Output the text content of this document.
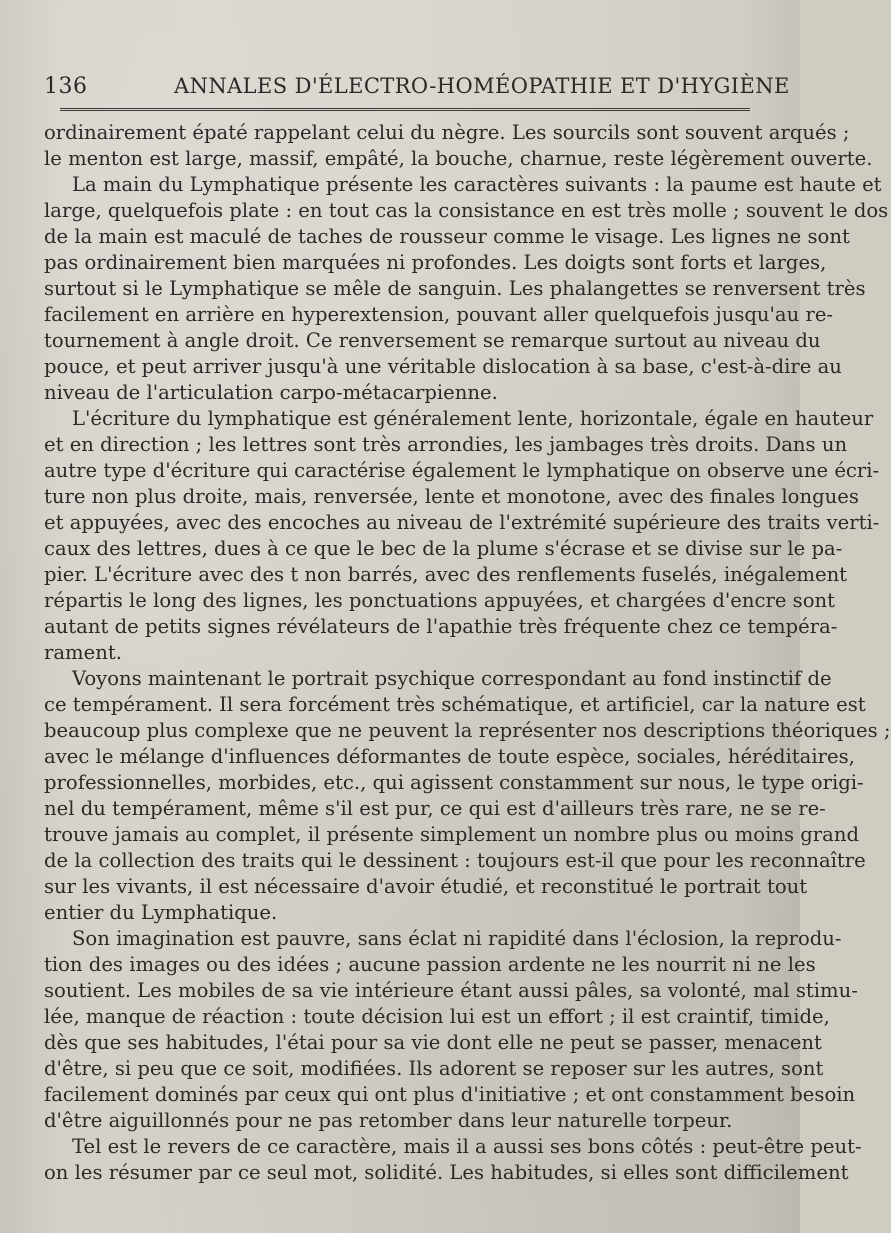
136	ANNALES D'ÉLECTRO-HOMÉOPATHIE ET D'HYGIÈNE
ordinairement épaté rappelant celui du nègre. Les sourcils sont souvent arqués ;
le menton est large, massif, empâté, la bouche, charnue, reste légèrement ouverte.
La main du Lymphatique présente les caractères suivants : la paume est haute et
large, quelquefois plate : en tout cas la consistance en est très molle ; souvent le dos
de la main est maculé de taches de rousseur comme le visage. Les lignes ne sont
pas ordinairement bien marquées ni profondes. Les doigts sont forts et larges,
surtout si le Lymphatique se mêle de sanguin. Les phalangettes se renversent très
facilement en arrière en hyperextension, pouvant aller quelquefois jusqu'au re-
tournement à angle droit. Ce renversement se remarque surtout au niveau du
pouce, et peut arriver jusqu'à une véritable dislocation à sa base, c'est-à-dire au
niveau de l'articulation carpo-métacarpienne.
L'écriture du lymphatique est généralement lente, horizontale, égale en hauteur
et en direction ; les lettres sont très arrondies, les jambages très droits. Dans un
autre type d'écriture qui caractérise également le lymphatique on observe une écri-
ture non plus droite, mais, renversée, lente et monotone, avec des finales longues
et appuyées, avec des encoches au niveau de l'extrémité supérieure des traits verti-
caux des lettres, dues à ce que le bec de la plume s'écrase et se divise sur le pa-
pier. L'écriture avec des t non barrés, avec des renflements fuselés, inégalement
répartis le long des lignes, les ponctuations appuyées, et chargées d'encre sont
autant de petits signes révélateurs de l'apathie très fréquente chez ce tempéra-
rament.
Voyons maintenant le portrait psychique correspondant au fond instinctif de
ce tempérament. Il sera forcément très schématique, et artificiel, car la nature est
beaucoup plus complexe que ne peuvent la représenter nos descriptions théoriques ;
avec le mélange d'influences déformantes de toute espèce, sociales, héréditaires,
professionnelles, morbides, etc., qui agissent constamment sur nous, le type origi-
nel du tempérament, même s'il est pur, ce qui est d'ailleurs très rare, ne se re-
trouve jamais au complet, il présente simplement un nombre plus ou moins grand
de la collection des traits qui le dessinent : toujours est-il que pour les reconnaître
sur les vivants, il est nécessaire d'avoir étudié, et reconstitué le portrait tout
entier du Lymphatique.
Son imagination est pauvre, sans éclat ni rapidité dans l'éclosion, la reprodu-
tion des images ou des idées ; aucune passion ardente ne les nourrit ni ne les
soutient. Les mobiles de sa vie intérieure étant aussi pâles, sa volonté, mal stimu-
lée, manque de réaction : toute décision lui est un effort ; il est craintif, timide,
dès que ses habitudes, l'étai pour sa vie dont elle ne peut se passer, menacent
d'être, si peu que ce soit, modifiées. Ils adorent se reposer sur les autres, sont
facilement dominés par ceux qui ont plus d'initiative ; et ont constamment besoin
d'être aiguillonnés pour ne pas retomber dans leur naturelle torpeur.
Tel est le revers de ce caractère, mais il a aussi ses bons côtés : peut-être peut-
on les résumer par ce seul mot, solidité. Les habitudes, si elles sont difficilement
